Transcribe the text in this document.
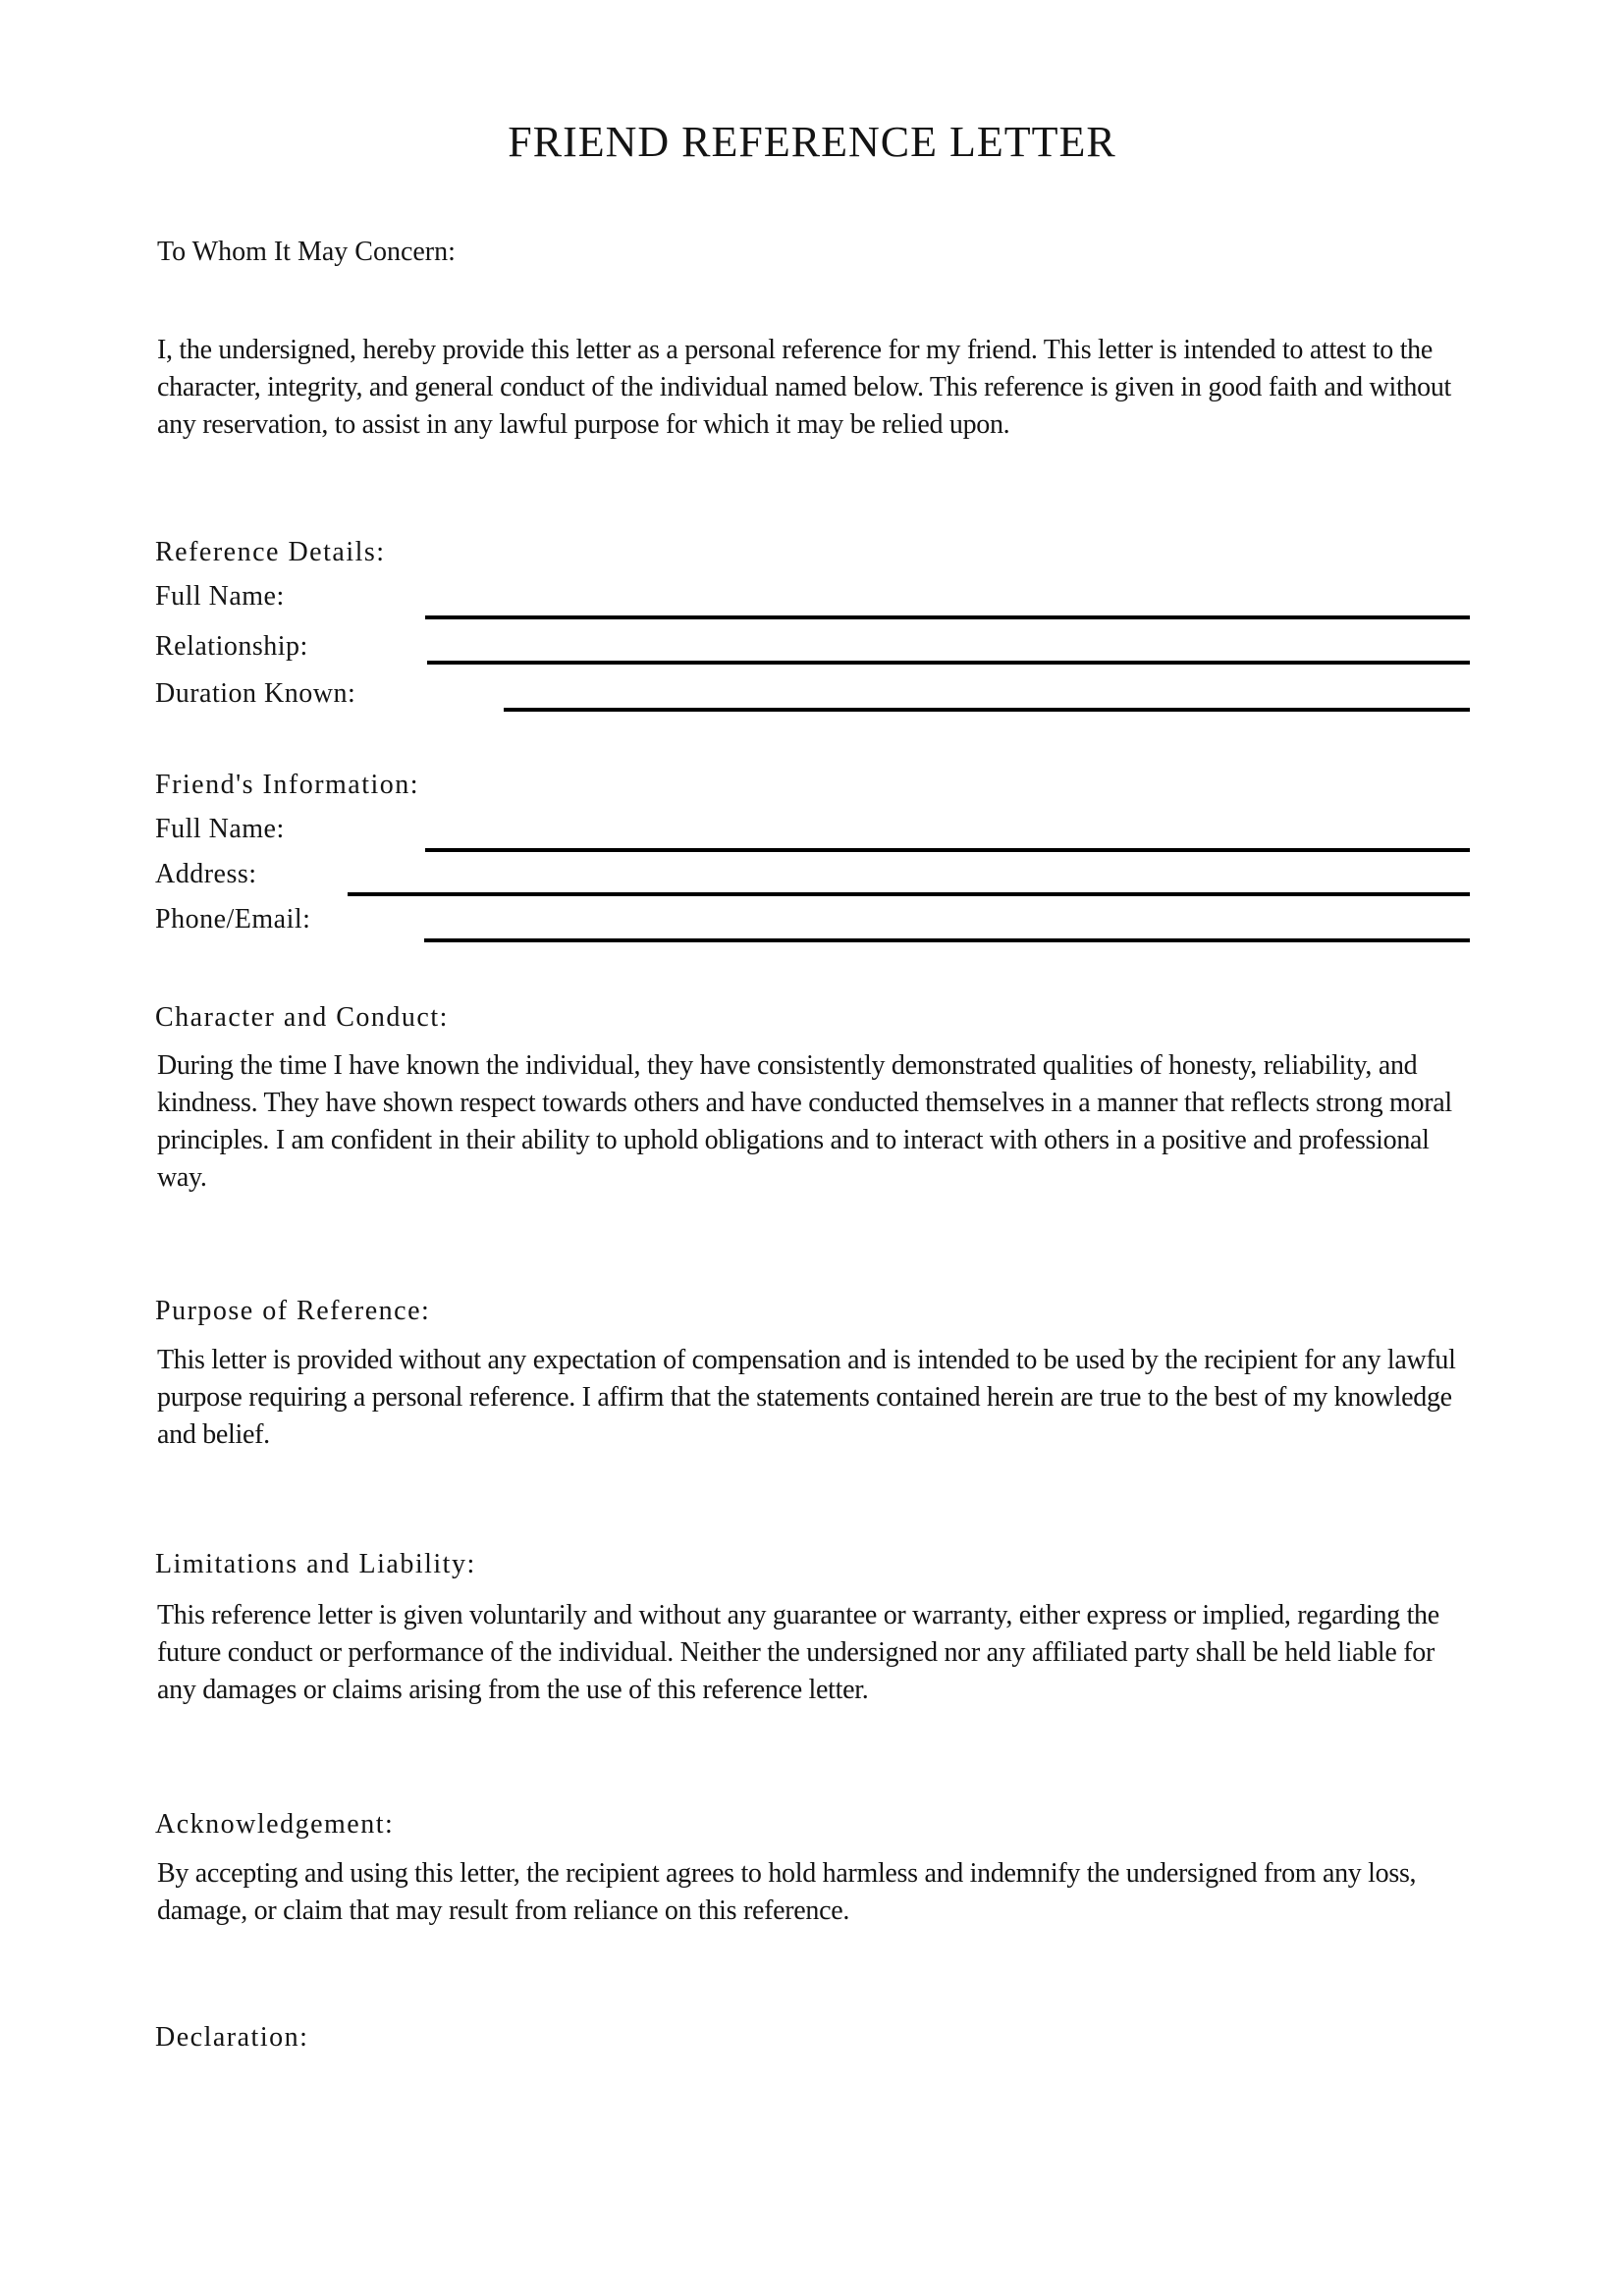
FRIEND REFERENCE LETTER
To Whom It May Concern:
I, the undersigned, hereby provide this letter as a personal reference for my friend. This letter is intended to attest to the character, integrity, and general conduct of the individual named below. This reference is given in good faith and without any reservation, to assist in any lawful purpose for which it may be relied upon.
Reference Details:
Full Name:
Relationship:
Duration Known:
Friend's Information:
Full Name:
Address:
Phone/Email:
Character and Conduct:
During the time I have known the individual, they have consistently demonstrated qualities of honesty, reliability, and kindness. They have shown respect towards others and have conducted themselves in a manner that reflects strong moral principles. I am confident in their ability to uphold obligations and to interact with others in a positive and professional way.
Purpose of Reference:
This letter is provided without any expectation of compensation and is intended to be used by the recipient for any lawful purpose requiring a personal reference. I affirm that the statements contained herein are true to the best of my knowledge and belief.
Limitations and Liability:
This reference letter is given voluntarily and without any guarantee or warranty, either express or implied, regarding the future conduct or performance of the individual. Neither the undersigned nor any affiliated party shall be held liable for any damages or claims arising from the use of this reference letter.
Acknowledgement:
By accepting and using this letter, the recipient agrees to hold harmless and indemnify the undersigned from any loss, damage, or claim that may result from reliance on this reference.
Declaration:
